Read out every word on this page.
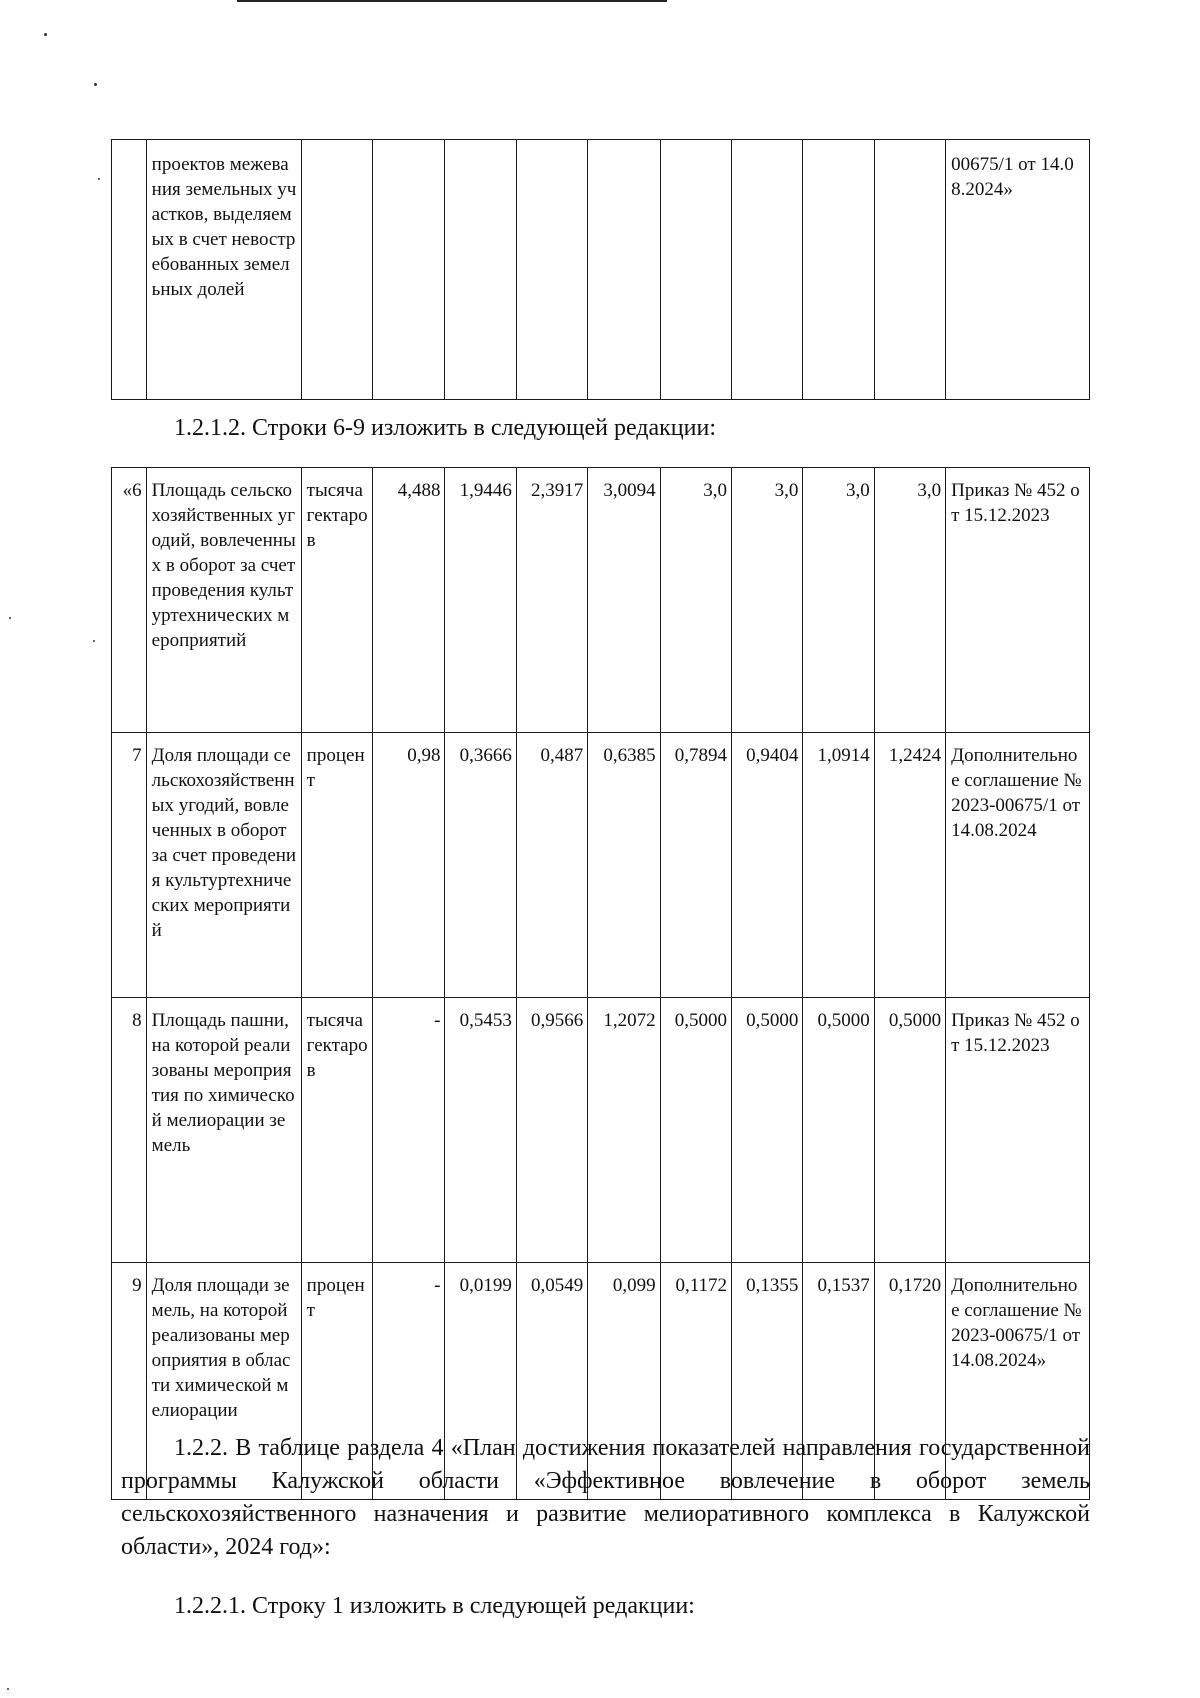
	проектов межевания земельных участков, выделяемых в счет невостребованных земельных долей										00675/1 от 14.08.2024»
1.2.1.2. Строки 6-9 изложить в следующей редакции:
«6	Площадь сельскохозяйственных угодий, вовлеченных в оборот за счет проведения культуртехнических мероприятий	тысяча гектаров	4,488	1,9446	2,3917	3,0094	3,0	3,0	3,0	3,0	Приказ № 452 от 15.12.2023
7	Доля площади сельскохозяйственных угодий, вовлеченных в оборот за счет проведения культуртехнических мероприятий	процент	0,98	0,3666	0,487	0,6385	0,7894	0,9404	1,0914	1,2424	Дополнительное соглашение № 2023-00675/1 от 14.08.2024
8	Площадь пашни, на которой реализованы мероприятия по химической мелиорации земель	тысяча гектаров	-	0,5453	0,9566	1,2072	0,5000	0,5000	0,5000	0,5000	Приказ № 452 от 15.12.2023
9	Доля площади земель, на которой реализованы мероприятия в области химической мелиорации	процент	-	0,0199	0,0549	0,099	0,1172	0,1355	0,1537	0,1720	Дополнительное соглашение № 2023-00675/1 от 14.08.2024»
1.2.2. В таблице раздела 4 «План достижения показателей направления государственной программы Калужской области «Эффективное вовлечение в оборот земель сельскохозяйственного назначения и развитие мелиоративного комплекса в Калужской области», 2024 год»:
1.2.2.1. Строку 1 изложить в следующей редакции:
